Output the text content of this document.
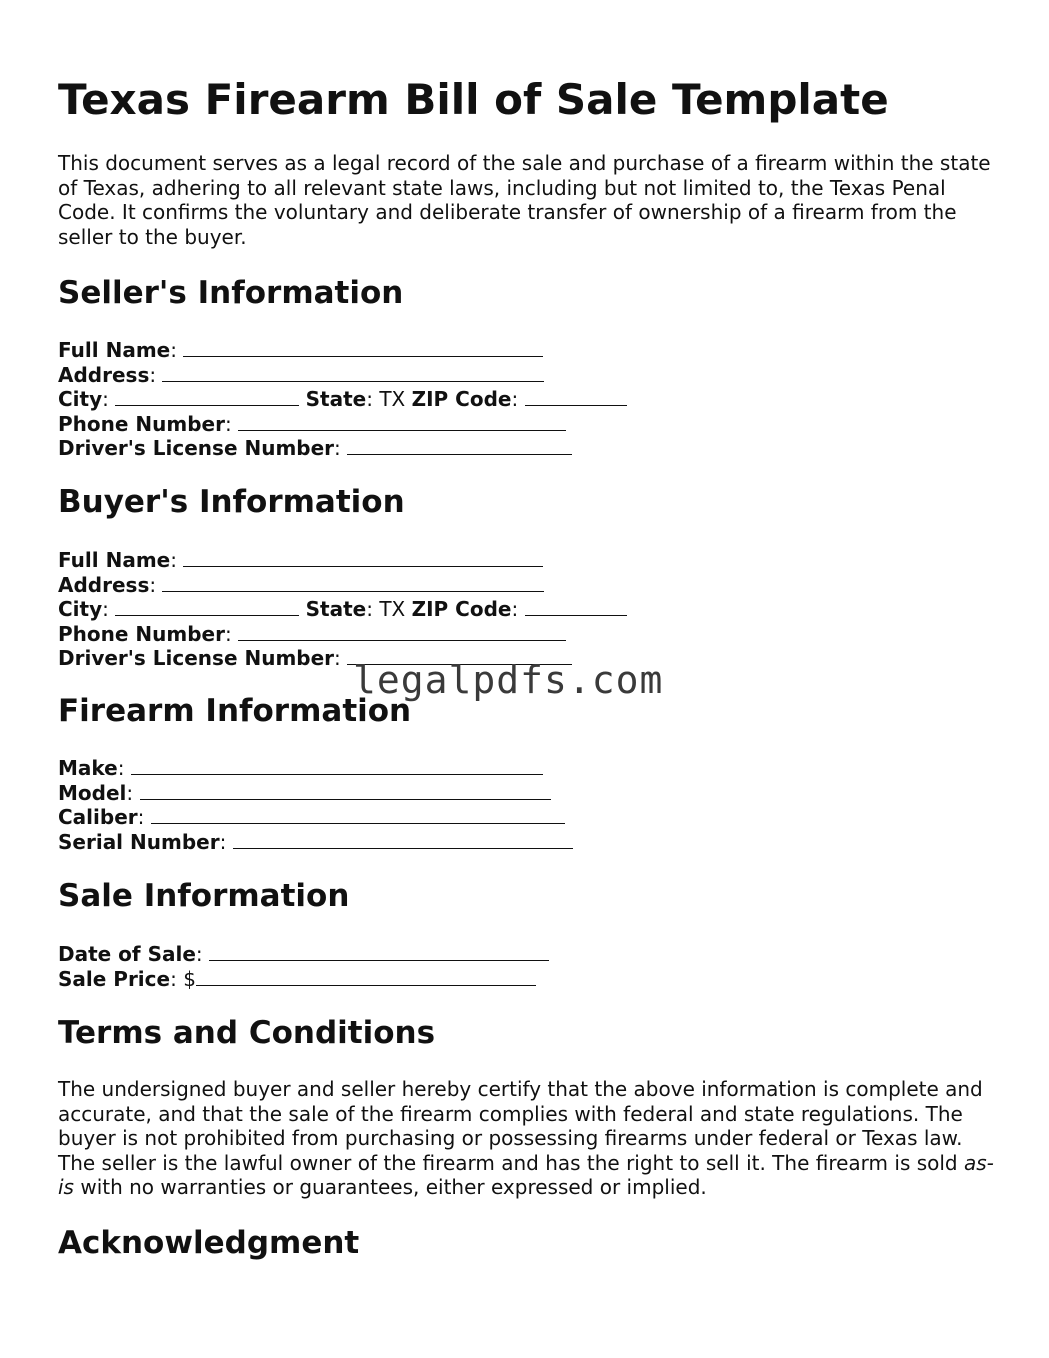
Texas Firearm Bill of Sale Template

This document serves as a legal record of the sale and purchase of a firearm within the state of Texas, adhering to all relevant state laws, including but not limited to, the Texas Penal Code. It confirms the voluntary and deliberate transfer of ownership of a firearm from the seller to the buyer.

Seller's Information
Full Name:
Address:
City:	State: TX ZIP Code:
Phone Number:
Driver's License Number:
Buyer's Information
Full Name:
Address:
City:	State: TX ZIP Code:
Phone Number:
Driver's License Number:
Firearm Information
Make:
Model:
Caliber:
Serial Number:
Sale Information
Date of Sale:
Sale Price: $
Terms and Conditions

The undersigned buyer and seller hereby certify that the above information is complete and accurate, and that the sale of the firearm complies with federal and state regulations. The buyer is not prohibited from purchasing or possessing firearms under federal or Texas law. The seller is the lawful owner of the firearm and has the right to sell it. The firearm is sold as-is with no warranties or guarantees, either expressed or implied.

Acknowledgment
legalpdfs.com
